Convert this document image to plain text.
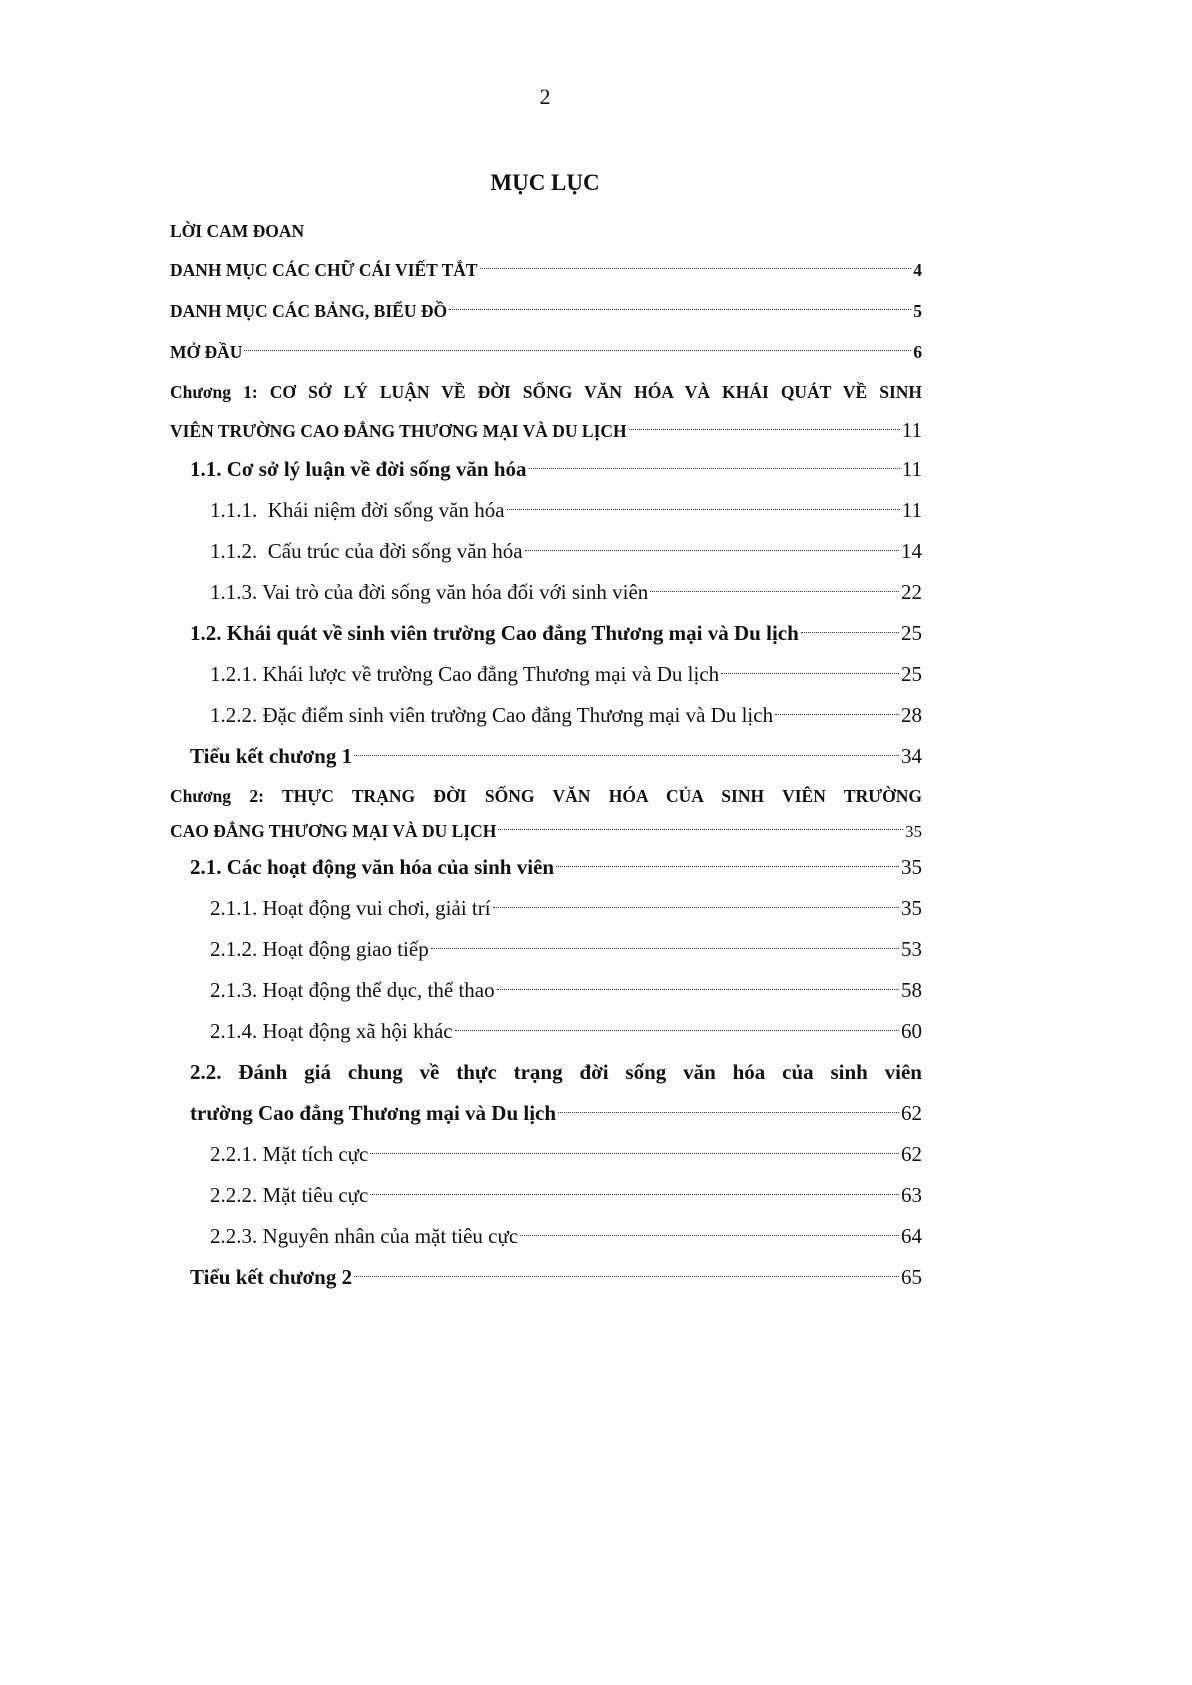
2
MỤC LỤC
LỜI CAM ĐOAN
DANH MỤC CÁC CHỮ CÁI VIẾT TẮT	4
DANH MỤC CÁC BẢNG, BIỂU ĐỒ	5
MỞ ĐẦU	6
Chương 1: CƠ SỞ LÝ LUẬN VỀ ĐỜI SỐNG VĂN HÓA VÀ KHÁI QUÁT VỀ SINH
VIÊN TRƯỜNG CAO ĐẲNG THƯƠNG MẠI VÀ DU LỊCH	11
1.1. Cơ sở lý luận về đời sống văn hóa	11
1.1.1.  Khái niệm đời sống văn hóa	11
1.1.2.  Cấu trúc của đời sống văn hóa	14
1.1.3. Vai trò của đời sống văn hóa đối với sinh viên	22
1.2. Khái quát về sinh viên trường Cao đẳng Thương mại và Du lịch	25
1.2.1. Khái lược về trường Cao đẳng Thương mại và Du lịch	25
1.2.2. Đặc điểm sinh viên trường Cao đẳng Thương mại và Du lịch	28
Tiểu kết chương 1	34
Chương 2: THỰC TRẠNG ĐỜI SỐNG VĂN HÓA CỦA SINH VIÊN TRƯỜNG
CAO ĐẲNG THƯƠNG MẠI VÀ DU LỊCH	35
2.1. Các hoạt động văn hóa của sinh viên	35
2.1.1. Hoạt động vui chơi, giải trí	35
2.1.2. Hoạt động giao tiếp	53
2.1.3. Hoạt động thể dục, thể thao	58
2.1.4. Hoạt động xã hội khác	60
2.2. Đánh giá chung về thực trạng đời sống văn hóa của sinh viên
trường Cao đẳng Thương mại và Du lịch	62
2.2.1. Mặt tích cực	62
2.2.2. Mặt tiêu cực	63
2.2.3. Nguyên nhân của mặt tiêu cực	64
Tiểu kết chương 2	65
